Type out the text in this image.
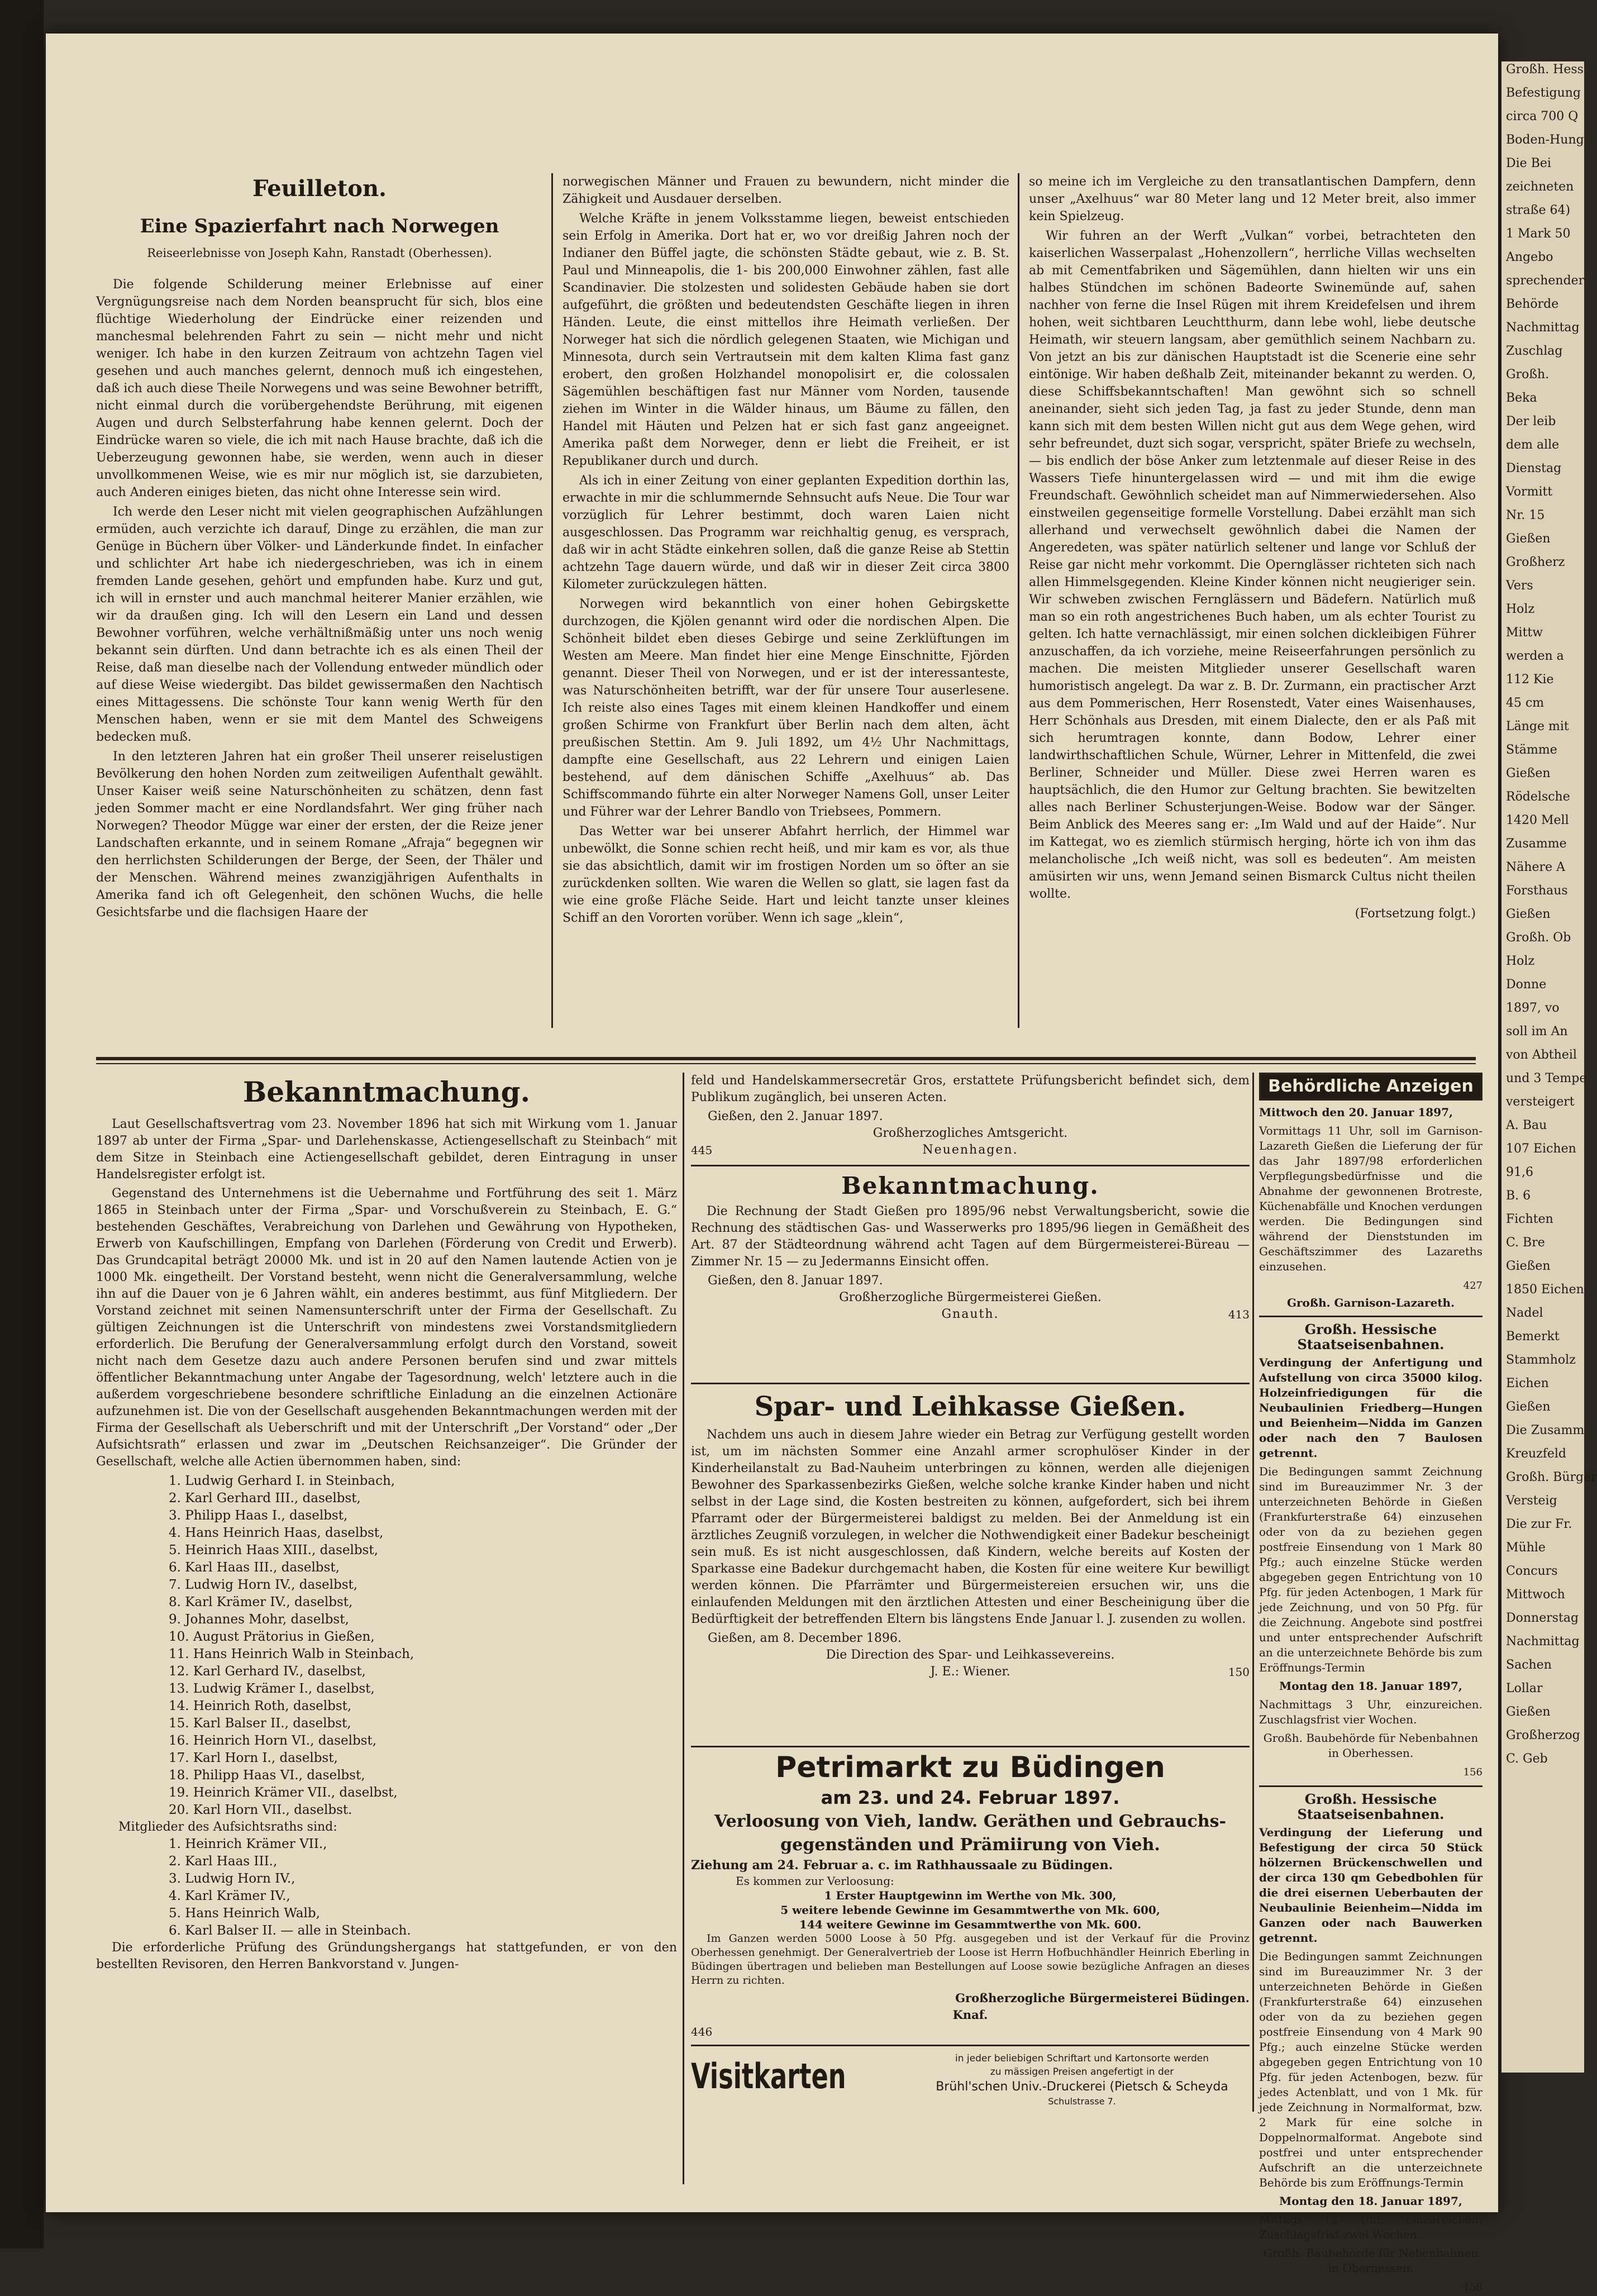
Feuilleton.
Eine Spazierfahrt nach Norwegen
Reiseerlebnisse von Joseph Kahn, Ranstadt (Oberhessen).

Die folgende Schilderung meiner Erlebnisse auf einer Vergnügungsreise nach dem Norden beansprucht für sich, blos eine flüchtige Wiederholung der Eindrücke einer reizenden und manchesmal belehrenden Fahrt zu sein — nicht mehr und nicht weniger. Ich habe in den kurzen Zeitraum von achtzehn Tagen viel gesehen und auch manches gelernt, dennoch muß ich eingestehen, daß ich auch diese Theile Norwegens und was seine Bewohner betrifft, nicht einmal durch die vorübergehendste Berührung, mit eigenen Augen und durch Selbsterfahrung habe kennen gelernt. Doch der Eindrücke waren so viele, die ich mit nach Hause brachte, daß ich die Ueberzeugung gewonnen habe, sie werden, wenn auch in dieser unvollkommenen Weise, wie es mir nur möglich ist, sie darzubieten, auch Anderen einiges bieten, das nicht ohne Interesse sein wird.

Ich werde den Leser nicht mit vielen geographischen Aufzählungen ermüden, auch verzichte ich darauf, Dinge zu erzählen, die man zur Genüge in Büchern über Völker- und Länderkunde findet. In einfacher und schlichter Art habe ich niedergeschrieben, was ich in einem fremden Lande gesehen, gehört und empfunden habe. Kurz und gut, ich will in ernster und auch manchmal heiterer Manier erzählen, wie wir da draußen ging. Ich will den Lesern ein Land und dessen Bewohner vorführen, welche verhältnißmäßig unter uns noch wenig bekannt sein dürften. Und dann betrachte ich es als einen Theil der Reise, daß man dieselbe nach der Vollendung entweder mündlich oder auf diese Weise wiedergibt. Das bildet gewissermaßen den Nachtisch eines Mittagessens. Die schönste Tour kann wenig Werth für den Menschen haben, wenn er sie mit dem Mantel des Schweigens bedecken muß.

In den letzteren Jahren hat ein großer Theil unserer reiselustigen Bevölkerung den hohen Norden zum zeitweiligen Aufenthalt gewählt. Unser Kaiser weiß seine Naturschönheiten zu schätzen, denn fast jeden Sommer macht er eine Nordlandsfahrt. Wer ging früher nach Norwegen? Theodor Mügge war einer der ersten, der die Reize jener Landschaften erkannte, und in seinem Romane „Afraja“ begegnen wir den herrlichsten Schilderungen der Berge, der Seen, der Thäler und der Menschen. Während meines zwanzigjährigen Aufenthalts in Amerika fand ich oft Gelegenheit, den schönen Wuchs, die helle Gesichtsfarbe und die flachsigen Haare der

norwegischen Männer und Frauen zu bewundern, nicht minder die Zähigkeit und Ausdauer derselben.

Welche Kräfte in jenem Volksstamme liegen, beweist entschieden sein Erfolg in Amerika. Dort hat er, wo vor dreißig Jahren noch der Indianer den Büffel jagte, die schönsten Städte gebaut, wie z. B. St. Paul und Minneapolis, die 1- bis 200,000 Einwohner zählen, fast alle Scandinavier. Die stolzesten und solidesten Gebäude haben sie dort aufgeführt, die größten und bedeutendsten Geschäfte liegen in ihren Händen. Leute, die einst mittellos ihre Heimath verließen. Der Norweger hat sich die nördlich gelegenen Staaten, wie Michigan und Minnesota, durch sein Vertrautsein mit dem kalten Klima fast ganz erobert, den großen Holzhandel monopolisirt er, die colossalen Sägemühlen beschäftigen fast nur Männer vom Norden, tausende ziehen im Winter in die Wälder hinaus, um Bäume zu fällen, den Handel mit Häuten und Pelzen hat er sich fast ganz angeeignet. Amerika paßt dem Norweger, denn er liebt die Freiheit, er ist Republikaner durch und durch.

Als ich in einer Zeitung von einer geplanten Expedition dorthin las, erwachte in mir die schlummernde Sehnsucht aufs Neue. Die Tour war vorzüglich für Lehrer bestimmt, doch waren Laien nicht ausgeschlossen. Das Programm war reichhaltig genug, es versprach, daß wir in acht Städte einkehren sollen, daß die ganze Reise ab Stettin achtzehn Tage dauern würde, und daß wir in dieser Zeit circa 3800 Kilometer zurückzulegen hätten.

Norwegen wird bekanntlich von einer hohen Gebirgskette durchzogen, die Kjölen genannt wird oder die nordischen Alpen. Die Schönheit bildet eben dieses Gebirge und seine Zerklüftungen im Westen am Meere. Man findet hier eine Menge Einschnitte, Fjörden genannt. Dieser Theil von Norwegen, und er ist der interessanteste, was Naturschönheiten betrifft, war der für unsere Tour auserlesene. Ich reiste also eines Tages mit einem kleinen Handkoffer und einem großen Schirme von Frankfurt über Berlin nach dem alten, ächt preußischen Stettin. Am 9. Juli 1892, um 4½ Uhr Nachmittags, dampfte eine Gesellschaft, aus 22 Lehrern und einigen Laien bestehend, auf dem dänischen Schiffe „Axelhuus“ ab. Das Schiffscommando führte ein alter Norweger Namens Goll, unser Leiter und Führer war der Lehrer Bandlo von Triebsees, Pommern.

Das Wetter war bei unserer Abfahrt herrlich, der Himmel war unbewölkt, die Sonne schien recht heiß, und mir kam es vor, als thue sie das absichtlich, damit wir im frostigen Norden um so öfter an sie zurückdenken sollten. Wie waren die Wellen so glatt, sie lagen fast da wie eine große Fläche Seide. Hart und leicht tanzte unser kleines Schiff an den Vororten vorüber. Wenn ich sage „klein“,

so meine ich im Vergleiche zu den transatlantischen Dampfern, denn unser „Axelhuus“ war 80 Meter lang und 12 Meter breit, also immer kein Spielzeug.

Wir fuhren an der Werft „Vulkan“ vorbei, betrachteten den kaiserlichen Wasserpalast „Hohenzollern“, herrliche Villas wechselten ab mit Cementfabriken und Sägemühlen, dann hielten wir uns ein halbes Stündchen im schönen Badeorte Swinemünde auf, sahen nachher von ferne die Insel Rügen mit ihrem Kreidefelsen und ihrem hohen, weit sichtbaren Leuchtthurm, dann lebe wohl, liebe deutsche Heimath, wir steuern langsam, aber gemüthlich seinem Nachbarn zu. Von jetzt an bis zur dänischen Hauptstadt ist die Scenerie eine sehr eintönige. Wir haben deßhalb Zeit, miteinander bekannt zu werden. O, diese Schiffsbekanntschaften! Man gewöhnt sich so schnell aneinander, sieht sich jeden Tag, ja fast zu jeder Stunde, denn man kann sich mit dem besten Willen nicht gut aus dem Wege gehen, wird sehr befreundet, duzt sich sogar, verspricht, später Briefe zu wechseln, — bis endlich der böse Anker zum letztenmale auf dieser Reise in des Wassers Tiefe hinuntergelassen wird — und mit ihm die ewige Freundschaft. Gewöhnlich scheidet man auf Nimmerwiedersehen. Also einstweilen gegenseitige formelle Vorstellung. Dabei erzählt man sich allerhand und verwechselt gewöhnlich dabei die Namen der Angeredeten, was später natürlich seltener und lange vor Schluß der Reise gar nicht mehr vorkommt. Die Opernglässer richteten sich nach allen Himmelsgegenden. Kleine Kinder können nicht neugieriger sein. Wir schweben zwischen Fernglässern und Bädefern. Natürlich muß man so ein roth angestrichenes Buch haben, um als echter Tourist zu gelten. Ich hatte vernachlässigt, mir einen solchen dickleibigen Führer anzuschaffen, da ich vorziehe, meine Reiseerfahrungen persönlich zu machen. Die meisten Mitglieder unserer Gesellschaft waren humoristisch angelegt. Da war z. B. Dr. Zurmann, ein practischer Arzt aus dem Pommerischen, Herr Rosenstedt, Vater eines Waisenhauses, Herr Schönhals aus Dresden, mit einem Dialecte, den er als Paß mit sich herumtragen konnte, dann Bodow, Lehrer einer landwirthschaftlichen Schule, Würner, Lehrer in Mittenfeld, die zwei Berliner, Schneider und Müller. Diese zwei Herren waren es hauptsächlich, die den Humor zur Geltung brachten. Sie bewitzelten alles nach Berliner Schusterjungen-Weise. Bodow war der Sänger. Beim Anblick des Meeres sang er: „Im Wald und auf der Haide“. Nur im Kattegat, wo es ziemlich stürmisch herging, hörte ich von ihm das melancholische „Ich weiß nicht, was soll es bedeuten“. Am meisten amüsirten wir uns, wenn Jemand seinen Bismarck Cultus nicht theilen wollte.

(Fortsetzung folgt.)
Bekanntmachung.

Laut Gesellschaftsvertrag vom 23. November 1896 hat sich mit Wirkung vom 1. Januar 1897 ab unter der Firma „Spar- und Darlehenskasse, Actiengesellschaft zu Steinbach“ mit dem Sitze in Steinbach eine Actiengesellschaft gebildet, deren Eintragung in unser Handelsregister erfolgt ist.

Gegenstand des Unternehmens ist die Uebernahme und Fortführung des seit 1. März 1865 in Steinbach unter der Firma „Spar- und Vorschußverein zu Steinbach, E. G.“ bestehenden Geschäftes, Verabreichung von Darlehen und Gewährung von Hypotheken, Erwerb von Kaufschillingen, Empfang von Darlehen (Förderung von Credit und Erwerb). Das Grundcapital beträgt 20000 Mk. und ist in 20 auf den Namen lautende Actien von je 1000 Mk. eingetheilt. Der Vorstand besteht, wenn nicht die Generalversammlung, welche ihn auf die Dauer von je 6 Jahren wählt, ein anderes bestimmt, aus fünf Mitgliedern. Der Vorstand zeichnet mit seinen Namensunterschrift unter der Firma der Gesellschaft. Zu gültigen Zeichnungen ist die Unterschrift von mindestens zwei Vorstandsmitgliedern erforderlich. Die Berufung der Generalversammlung erfolgt durch den Vorstand, soweit nicht nach dem Gesetze dazu auch andere Personen berufen sind und zwar mittels öffentlicher Bekanntmachung unter Angabe der Tagesordnung, welch' letztere auch in die außerdem vorgeschriebene besondere schriftliche Einladung an die einzelnen Actionäre aufzunehmen ist. Die von der Gesellschaft ausgehenden Bekanntmachungen werden mit der Firma der Gesellschaft als Ueberschrift und mit der Unterschrift „Der Vorstand“ oder „Der Aufsichtsrath“ erlassen und zwar im „Deutschen Reichsanzeiger“. Die Gründer der Gesellschaft, welche alle Actien übernommen haben, sind:

1. Ludwig Gerhard I. in Steinbach,
2. Karl Gerhard III., daselbst,
3. Philipp Haas I., daselbst,
4. Hans Heinrich Haas, daselbst,
5. Heinrich Haas XIII., daselbst,
6. Karl Haas III., daselbst,
7. Ludwig Horn IV., daselbst,
8. Karl Krämer IV., daselbst,
9. Johannes Mohr, daselbst,
10. August Prätorius in Gießen,
11. Hans Heinrich Walb in Steinbach,
12. Karl Gerhard IV., daselbst,
13. Ludwig Krämer I., daselbst,
14. Heinrich Roth, daselbst,
15. Karl Balser II., daselbst,
16. Heinrich Horn VI., daselbst,
17. Karl Horn I., daselbst,
18. Philipp Haas VI., daselbst,
19. Heinrich Krämer VII., daselbst,
20. Karl Horn VII., daselbst.
Mitglieder des Aufsichtsraths sind:
1. Heinrich Krämer VII.,
2. Karl Haas III.,
3. Ludwig Horn IV.,
4. Karl Krämer IV.,
5. Hans Heinrich Walb,
6. Karl Balser II. — alle in Steinbach.

Die erforderliche Prüfung des Gründungshergangs hat stattgefunden, er von den bestellten Revisoren, den Herren Bankvorstand v. Jungen-

feld und Handelskammersecretär Gros, erstattete Prüfungsbericht befindet sich, dem Publikum zugänglich, bei unseren Acten.

Gießen, den 2. Januar 1897.
Großherzogliches Amtsgericht.
445	Neuenhagen.
Bekanntmachung.

Die Rechnung der Stadt Gießen pro 1895/96 nebst Verwaltungsbericht, sowie die Rechnung des städtischen Gas- und Wasserwerks pro 1895/96 liegen in Gemäßheit des Art. 87 der Städteordnung während acht Tagen auf dem Bürgermeisterei-Büreau — Zimmer Nr. 15 — zu Jedermanns Einsicht offen.

Gießen, den 8. Januar 1897.
Großherzogliche Bürgermeisterei Gießen.
Gnauth.	413
Spar- und Leihkasse Gießen.

Nachdem uns auch in diesem Jahre wieder ein Betrag zur Verfügung gestellt worden ist, um im nächsten Sommer eine Anzahl armer scrophulöser Kinder in der Kinderheilanstalt zu Bad-Nauheim unterbringen zu können, werden alle diejenigen Bewohner des Sparkassenbezirks Gießen, welche solche kranke Kinder haben und nicht selbst in der Lage sind, die Kosten bestreiten zu können, aufgefordert, sich bei ihrem Pfarramt oder der Bürgermeisterei baldigst zu melden. Bei der Anmeldung ist ein ärztliches Zeugniß vorzulegen, in welcher die Nothwendigkeit einer Badekur bescheinigt sein muß. Es ist nicht ausgeschlossen, daß Kindern, welche bereits auf Kosten der Sparkasse eine Badekur durchgemacht haben, die Kosten für eine weitere Kur bewilligt werden können. Die Pfarrämter und Bürgermeistereien ersuchen wir, uns die einlaufenden Meldungen mit den ärztlichen Attesten und einer Bescheinigung über die Bedürftigkeit der betreffenden Eltern bis längstens Ende Januar l. J. zusenden zu wollen.

Gießen, am 8. December 1896.
Die Direction des Spar- und Leihkassevereins.
J. E.: Wiener.	150
Petrimarkt zu Büdingen
am 23. und 24. Februar 1897.
Verloosung von Vieh, landw. Geräthen und Gebrauchs-
gegenständen und Prämiirung von Vieh.
Ziehung am 24. Februar a. c. im Rathhaussaale zu Büdingen.
Es kommen zur Verloosung:
1 Erster Hauptgewinn im Werthe von Mk. 300,
5 weitere lebende Gewinne im Gesammtwerthe von Mk. 600,
144 weitere Gewinne im Gesammtwerthe von Mk. 600.

Im Ganzen werden 5000 Loose à 50 Pfg. ausgegeben und ist der Verkauf für die Provinz Oberhessen genehmigt. Der Generalvertrieb der Loose ist Herrn Hofbuchhändler Heinrich Eberling in Büdingen übertragen und belieben man Bestellungen auf Loose sowie bezügliche Anfragen an dieses Herrn zu richten.

Großherzogliche Bürgermeisterei Büdingen.
Knaf.
446
Visitkarten	in jeder beliebigen Schriftart und Kartonsorte werden
zu mässigen Preisen angefertigt in der
Brühl'schen Univ.-Druckerei (Pietsch & Scheyda
Schulstrasse 7.
Behördliche Anzeigen

Mittwoch den 20. Januar 1897,

Vormittags 11 Uhr, soll im Garnison-Lazareth Gießen die Lieferung der für das Jahr 1897/98 erforderlichen Verpflegungsbedürfnisse und die Abnahme der gewonnenen Brotreste, Küchenabfälle und Knochen verdungen werden. Die Bedingungen sind während der Dienststunden im Geschäftszimmer des Lazareths einzusehen.

427
Großh. Garnison-Lazareth.

Großh. Hessische Staatseisenbahnen.

Verdingung der Anfertigung und Aufstellung von circa 35000 kilog. Holzeinfriedigungen für die Neubaulinien Friedberg—Hungen und Beienheim—Nidda im Ganzen oder nach den 7 Baulosen getrennt.

Die Bedingungen sammt Zeichnung sind im Bureauzimmer Nr. 3 der unterzeichneten Behörde in Gießen (Frankfurterstraße 64) einzusehen oder von da zu beziehen gegen postfreie Einsendung von 1 Mark 80 Pfg.; auch einzelne Stücke werden abgegeben gegen Entrichtung von 10 Pfg. für jeden Actenbogen, 1 Mark für jede Zeichnung, und von 50 Pfg. für die Zeichnung. Angebote sind postfrei und unter entsprechender Aufschrift an die unterzeichnete Behörde bis zum Eröffnungs-Termin

Montag den 18. Januar 1897,

Nachmittags 3 Uhr, einzureichen. Zuschlagsfrist vier Wochen.

Großh. Baubehörde für Nebenbahnen in Oberhessen.

156

Großh. Hessische Staatseisenbahnen.

Verdingung der Lieferung und Befestigung der circa 50 Stück hölzernen Brückenschwellen und der circa 130 qm Gebedbohlen für die drei eisernen Ueberbauten der Neubaulinie Beienheim—Nidda im Ganzen oder nach Bauwerken getrennt.

Die Bedingungen sammt Zeichnungen sind im Bureauzimmer Nr. 3 der unterzeichneten Behörde in Gießen (Frankfurterstraße 64) einzusehen oder von da zu beziehen gegen postfreie Einsendung von 4 Mark 90 Pfg.; auch einzelne Stücke werden abgegeben gegen Entrichtung von 10 Pfg. für jeden Actenbogen, bezw. für jedes Actenblatt, und von 1 Mk. für jede Zeichnung in Normalformat, bzw. 2 Mark für eine solche in Doppelnormalformat. Angebote sind postfrei und unter entsprechender Aufschrift an die unterzeichnete Behörde bis zum Eröffnungs-Termin

Montag den 18. Januar 1897,

Mittags 12 Uhr, einzureichen. Zuschlagsfrist zwei Wochen.

Großh. Baubehörde für Nebenbahnen in Oberhessen.

158

Großh. Hess

Befestigung

circa 700 Q

Boden-Hung

Die Bei

zeichneten

straße 64)

1 Mark 50

Angebo

sprechender

Behörde

Nachmittag

Zuschlag

Großh.

Beka

Der leib

dem alle

Dienstag

Vormitt

Nr. 15

Gießen

Großherz

Vers

Holz

Mittw

werden a

112 Kie

45 cm

Länge mit

Stämme

Gießen

Rödelsche

1420 Mell

Zusamme

Nähere A

Forsthaus

Gießen

Großh. Ob

Holz

Donne

1897, vo

soll im An

von Abtheil

und 3 Tempe

versteigert

A. Bau

107 Eichen

91,6

B. 6

Fichten

C. Bre

Gießen

1850 Eichen

Nadel

Bemerkt

Stammholz

Eichen

Gießen

Die Zusamm

Kreuzfeld

Großh. Bürger

Versteig

Die zur Fr.

Mühle

Concurs

Mittwoch

Donnerstag

Nachmittag

Sachen

Lollar

Gießen

Großherzog

C. Geb
